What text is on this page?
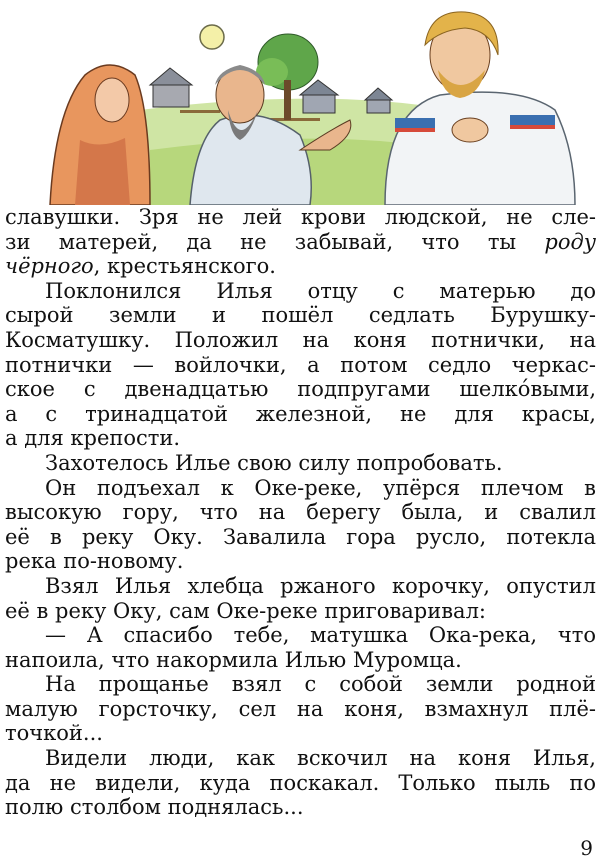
славушки. Зря не лей крови людской, не сле-
зи матерей, да не забывай, что ты роду
чёрного, крестьянского.
Поклонился Илья отцу с матерью до
сырой земли и пошёл седлать Бурушку-
Косматушку. Положил на коня потнички, на
потнички — войлочки, а потом седло черкас-
ское с двенадцатью подпругами шелко́выми,
а с тринадцатой железной, не для красы,
а для крепости.
Захотелось Илье свою силу попробовать.
Он подъехал к Оке-реке, упёрся плечом в
высокую гору, что на берегу была, и свалил
её в реку Оку. Завалила гора русло, потекла
река по-новому.
Взял Илья хлебца ржаного корочку, опустил
её в реку Оку, сам Оке-реке приговаривал:
— А спасибо тебе, матушка Ока-река, что
напоила, что накормила Илью Муромца.
На прощанье взял с собой земли родной
малую горсточку, сел на коня, взмахнул плё-
точкой...
Видели люди, как вскочил на коня Илья,
да не видели, куда поскакал. Только пыль по
полю столбом поднялась...
9
